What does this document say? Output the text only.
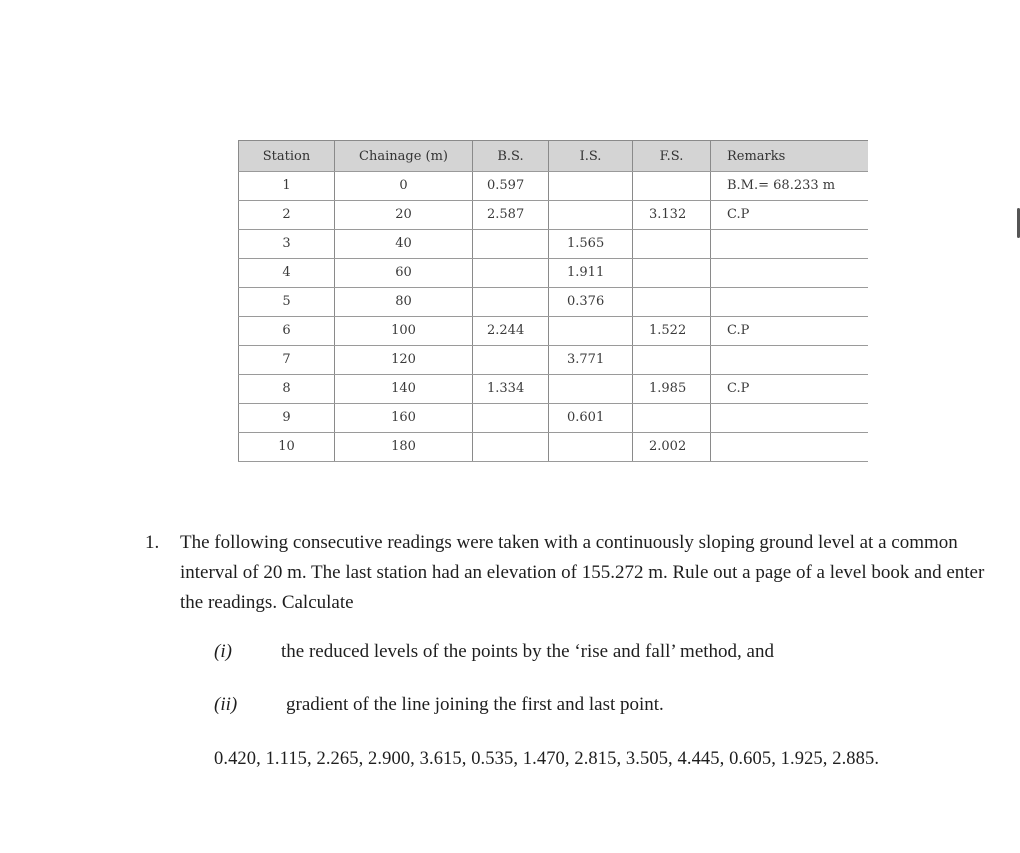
Station	Chainage (m)	B.S.	I.S.	F.S.	Remarks
1	0	0.597			B.M.= 68.233 m
2	20	2.587		3.132	C.P
3	40		1.565		
4	60		1.911		
5	80		0.376		
6	100	2.244		1.522	C.P
7	120		3.771		
8	140	1.334		1.985	C.P
9	160		0.601		
10	180			2.002	
1. The following consecutive readings were taken with a continuously sloping ground level at a common interval of 20 m. The last station had an elevation of 155.272 m. Rule out a page of a level book and enter the readings. Calculate
(i)	the reduced levels of the points by the ‘rise and fall’ method, and
(ii)	gradient of the line joining the first and last point.
0.420, 1.115, 2.265, 2.900, 3.615, 0.535, 1.470, 2.815, 3.505, 4.445, 0.605, 1.925, 2.885.
